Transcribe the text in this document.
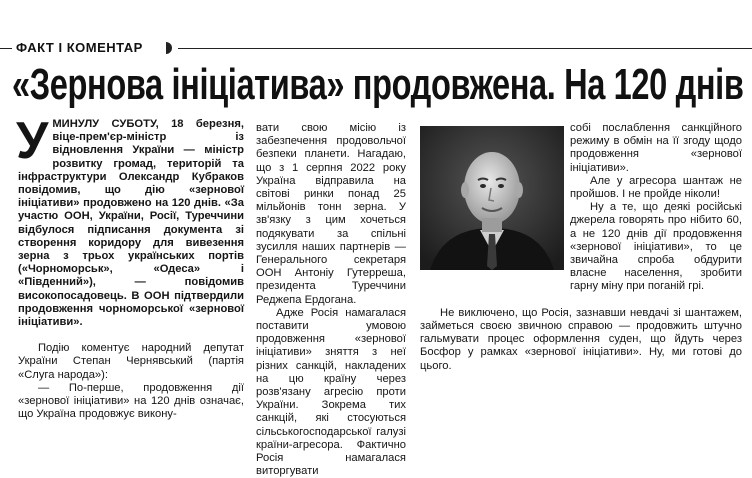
ФАКТ І КОМЕНТАР
«Зернова ініціатива» продовжена. На 120 днів

УМИНУЛУ СУБОТУ, 18 березня, віце-прем'єр-міністр із відновлення України — міністр розвитку громад, територій та інфраструктури Олександр Кубраков повідомив, що дію «зернової ініціативи» продовжено на 120 днів. «За участю ООН, України, Росії, Туреччини відбулося підписання документа зі створення коридору для вивезення зерна з трьох українських портів («Чорноморськ», «Одеса» і «Південний»), — повідомив високопосадовець. В ООН підтвердили продовження чорноморської «зернової ініціативи».

Подію коментує народний депутат України Степан Чернявський (партія «Слуга народа»):

— По-перше, продовження дії «зернової ініціативи» на 120 днів означає, що Україна продовжує викону-

вати свою місію із забезпечення продовольчої безпеки планети. Нагадаю, що з 1 серпня 2022 року Україна відправила на світові ринки понад 25 мільйонів тонн зерна. У зв'язку з цим хочеться подякувати за спільні зусилля наших партнерів — Генерального секретаря ООН Антоніу Гутерреша, президента Туреччини Реджепа Ердогана.

Адже Росія намагалася поставити умовою продовження «зернової ініціативи» зняття з неї різних санкцій, накладених на цю країну через розв'язану агресію проти України. Зокрема тих санкцій, які стосуються сільськогосподарської галузі країни-агресора. Фактично Росія намагалася виторгувати

собі послаблення санкційного режиму в обмін на її згоду щодо продовження «зернової ініціативи».

Але у агресора шантаж не пройшов. І не пройде ніколи!

Ну а те, що деякі російські джерела говорять про нібито 60, а не 120 днів дії продовження «зернової ініціативи», то це звичайна спроба обдурити власне населення, зробити гарну міну при поганій грі.

Не виключено, що Росія, зазнавши невдачі зі шантажем, займеться своєю звичною справою — продовжить штучно гальмувати процес оформлення суден, що йдуть через Босфор у рамках «зернової ініціативи». Ну, ми готові до цього.
